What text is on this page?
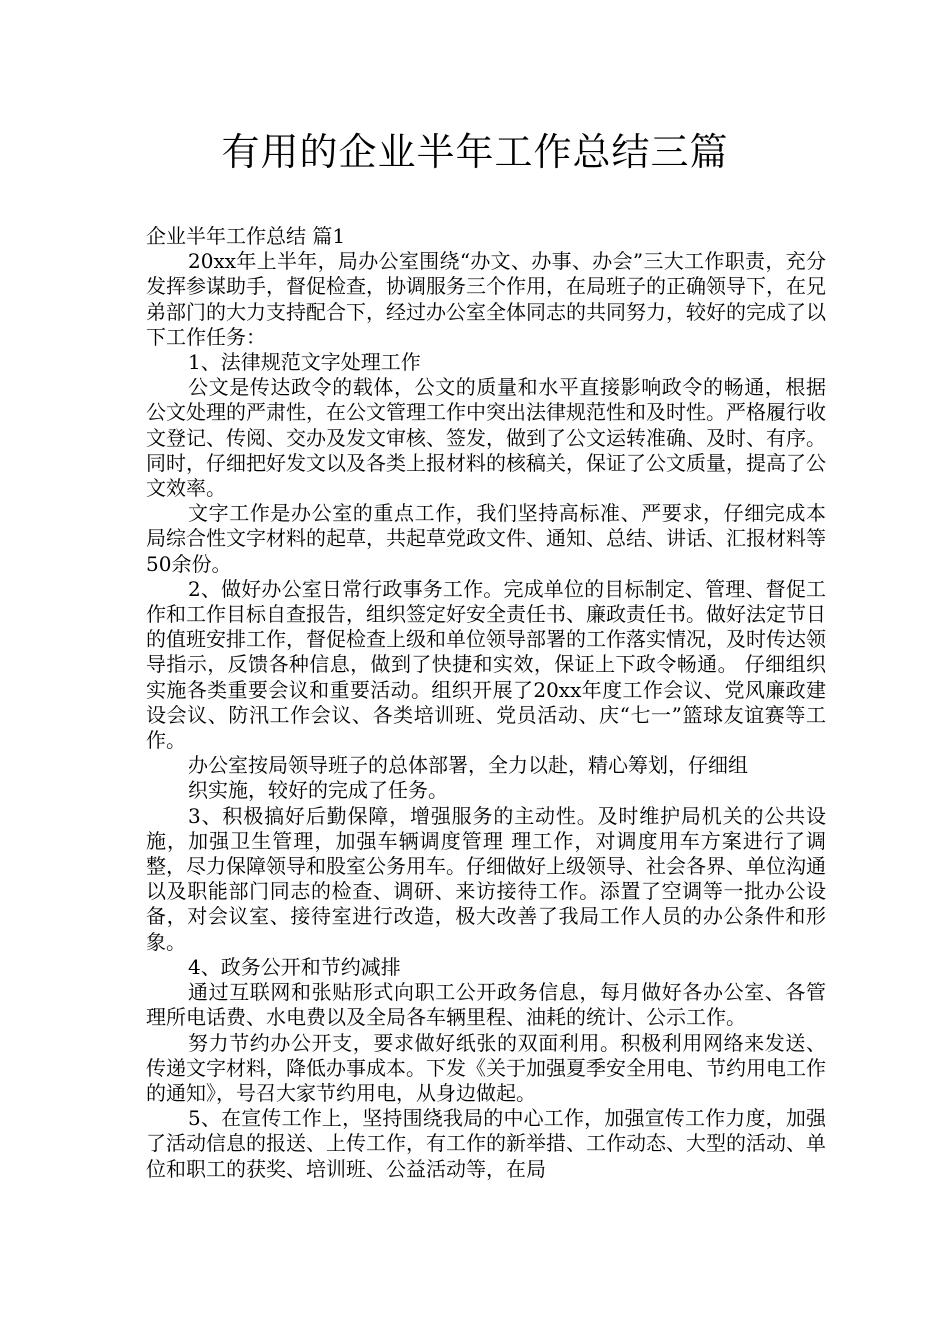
有用的企业半年工作总结三篇

企业半年工作总结 篇1

20xx年上半年，局办公室围绕“办文、办事、办会”三大工作职责，充分发挥参谋助手，督促检查，协调服务三个作用，在局班子的正确领导下，在兄弟部门的大力支持配合下，经过办公室全体同志的共同努力，较好的完成了以下工作任务：

1、法律规范文字处理工作

公文是传达政令的载体，公文的质量和水平直接影响政令的畅通，根据公文处理的严肃性，在公文管理工作中突出法律规范性和及时性。严格履行收文登记、传阅、交办及发文审核、签发，做到了公文运转准确、及时、有序。同时，仔细把好发文以及各类上报材料的核稿关，保证了公文质量，提高了公文效率。

文字工作是办公室的重点工作，我们坚持高标准、严要求，仔细完成本局综合性文字材料的起草，共起草党政文件、通知、总结、讲话、汇报材料等50余份。

2、做好办公室日常行政事务工作。完成单位的目标制定、管理、督促工作和工作目标自查报告，组织签定好安全责任书、廉政责任书。做好法定节日的值班安排工作，督促检查上级和单位领导部署的工作落实情况，及时传达领导指示，反馈各种信息，做到了快捷和实效，保证上下政令畅通。 仔细组织实施各类重要会议和重要活动。组织开展了20xx年度工作会议、党风廉政建设会议、防汛工作会议、各类培训班、党员活动、庆“七一”篮球友谊赛等工作。

办公室按局领导班子的总体部署，全力以赴，精心筹划，仔细组

织实施，较好的完成了任务。

3、积极搞好后勤保障，增强服务的主动性。及时维护局机关的公共设施，加强卫生管理，加强车辆调度管理 理工作，对调度用车方案进行了调整，尽力保障领导和股室公务用车。仔细做好上级领导、社会各界、单位沟通以及职能部门同志的检查、调研、来访接待工作。添置了空调等一批办公设备，对会议室、接待室进行改造，极大改善了我局工作人员的办公条件和形象。

4、政务公开和节约减排

通过互联网和张贴形式向职工公开政务信息，每月做好各办公室、各管理所电话费、水电费以及全局各车辆里程、油耗的统计、公示工作。

努力节约办公开支，要求做好纸张的双面利用。积极利用网络来发送、传递文字材料，降低办事成本。下发《关于加强夏季安全用电、节约用电工作的通知》，号召大家节约用电，从身边做起。

5、在宣传工作上，坚持围绕我局的中心工作，加强宣传工作力度，加强了活动信息的报送、上传工作，有工作的新举措、工作动态、大型的活动、单位和职工的获奖、培训班、公益活动等，在局
